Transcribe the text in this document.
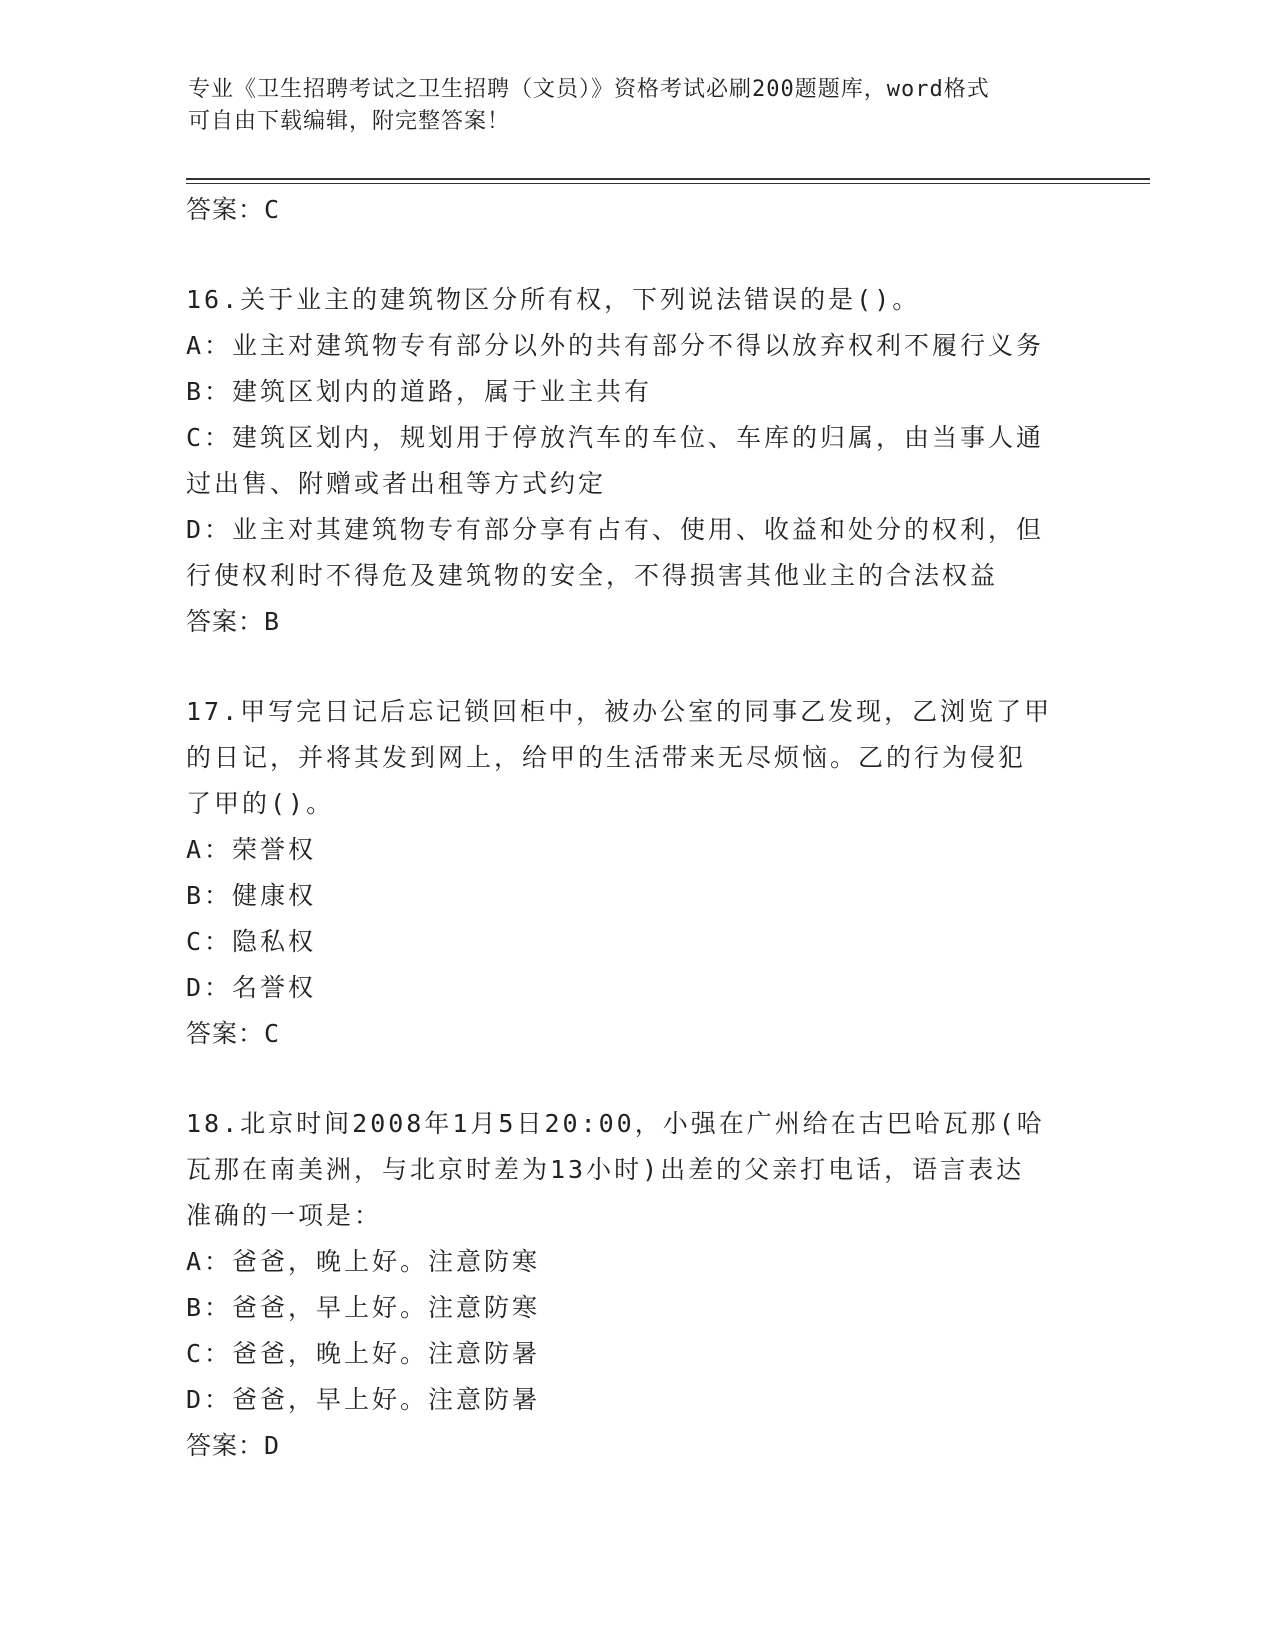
专业《卫生招聘考试之卫生招聘（文员）》资格考试必刷200题题库，word格式
可自由下载编辑，附完整答案！
答案：C

16.关于业主的建筑物区分所有权，下列说法错误的是()。

A：业主对建筑物专有部分以外的共有部分不得以放弃权利不履行义务

B：建筑区划内的道路，属于业主共有

C：建筑区划内，规划用于停放汽车的车位、车库的归属，由当事人通

过出售、附赠或者出租等方式约定

D：业主对其建筑物专有部分享有占有、使用、收益和处分的权利，但

行使权利时不得危及建筑物的安全，不得损害其他业主的合法权益

答案：B

17.甲写完日记后忘记锁回柜中，被办公室的同事乙发现，乙浏览了甲

的日记，并将其发到网上，给甲的生活带来无尽烦恼。乙的行为侵犯

了甲的()。

A：荣誉权

B：健康权

C：隐私权

D：名誉权

答案：C

18.北京时间2008年1月5日20:00，小强在广州给在古巴哈瓦那(哈

瓦那在南美洲，与北京时差为13小时)出差的父亲打电话，语言表达

准确的一项是：

A：爸爸，晚上好。注意防寒

B：爸爸，早上好。注意防寒

C：爸爸，晚上好。注意防暑

D：爸爸，早上好。注意防暑

答案：D
